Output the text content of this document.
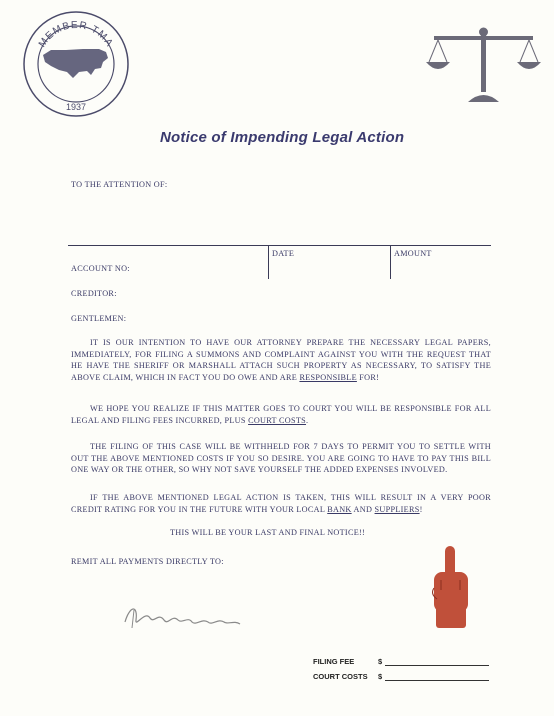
MEMBER TMA
1937
Notice of Impending Legal Action
TO THE ATTENTION OF:
DATE	AMOUNT
ACCOUNT NO:
CREDITOR:
GENTLEMEN:
IT IS OUR INTENTION TO HAVE OUR ATTORNEY PREPARE THE NECESSARY LEGAL PAPERS, IMMEDIATELY, FOR FILING A SUMMONS AND COMPLAINT AGAINST YOU WITH THE REQUEST THAT HE HAVE THE SHERIFF OR MARSHALL ATTACH SUCH PROPERTY AS NECESSARY, TO SATISFY THE ABOVE CLAIM, WHICH IN FACT YOU DO OWE AND ARE RESPONSIBLE FOR!
WE HOPE YOU REALIZE IF THIS MATTER GOES TO COURT YOU WILL BE RESPONSIBLE FOR ALL LEGAL AND FILING FEES INCURRED, PLUS COURT COSTS.
THE FILING OF THIS CASE WILL BE WITHHELD FOR 7 DAYS TO PERMIT YOU TO SETTLE WITH OUT THE ABOVE MENTIONED COSTS IF YOU SO DESIRE. YOU ARE GOING TO HAVE TO PAY THIS BILL ONE WAY OR THE OTHER, SO WHY NOT SAVE YOURSELF THE ADDED EXPENSES INVOLVED.
IF THE ABOVE MENTIONED LEGAL ACTION IS TAKEN, THIS WILL RESULT IN A VERY POOR CREDIT RATING FOR YOU IN THE FUTURE WITH YOUR LOCAL BANK AND SUPPLIERS!
THIS WILL BE YOUR LAST AND FINAL NOTICE!!
REMIT ALL PAYMENTS DIRECTLY TO:
FILING FEE	$
COURT COSTS $
